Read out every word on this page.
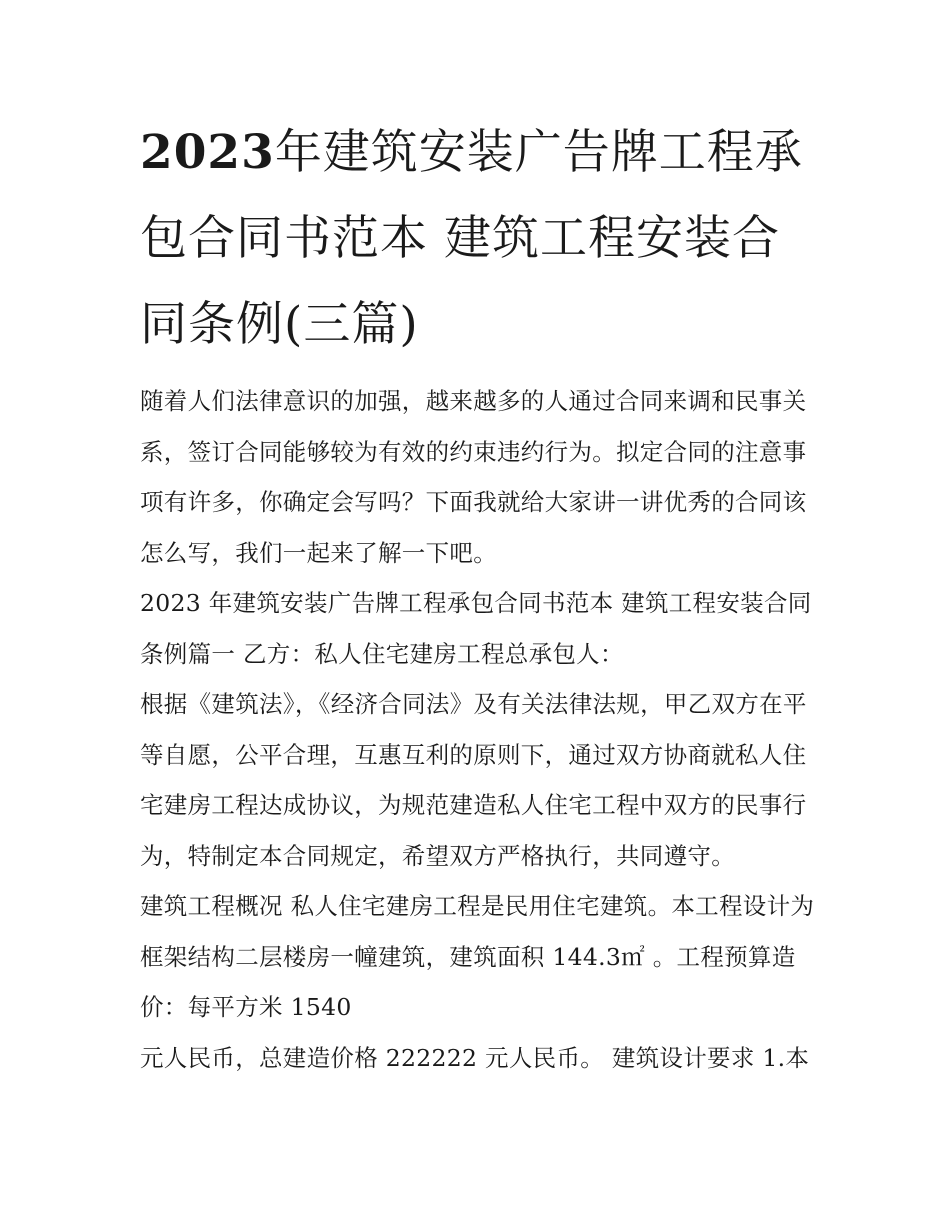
2023年建筑安装广告牌工程承包合同书范本 建筑工程安装合同条例(三篇)

随着人们法律意识的加强，越来越多的人通过合同来调和民事关系，签订合同能够较为有效的约束违约行为。拟定合同的注意事项有许多，你确定会写吗？下面我就给大家讲一讲优秀的合同该怎么写，我们一起来了解一下吧。

2023 年建筑安装广告牌工程承包合同书范本 建筑工程安装合同条例篇一 乙方：私人住宅建房工程总承包人：

根据《建筑法》，《经济合同法》及有关法律法规，甲乙双方在平等自愿，公平合理，互惠互利的原则下，通过双方协商就私人住宅建房工程达成协议，为规范建造私人住宅工程中双方的民事行为，特制定本合同规定，希望双方严格执行，共同遵守。

建筑工程概况 私人住宅建房工程是民用住宅建筑。本工程设计为框架结构二层楼房一幢建筑，建筑面积 144.3㎡ 。工程预算造价：每平方米 1540

元人民币，总建造价格 222222 元人民币。 建筑设计要求 1.本
